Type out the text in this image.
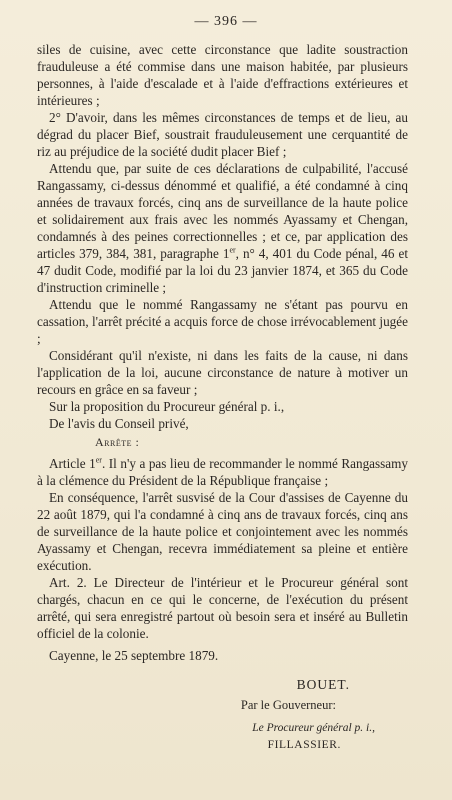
— 396 —

siles de cuisine, avec cette circonstance que ladite soustraction frauduleuse a été commise dans une maison habitée, par plusieurs personnes, à l'aide d'escalade et à l'aide d'effractions extérieures et intérieures ;

2° D'avoir, dans les mêmes circonstances de temps et de lieu, au dégrad du placer Bief, soustrait frauduleusement une cerquantité de riz au préjudice de la société dudit placer Bief ;

Attendu que, par suite de ces déclarations de culpabilité, l'accusé Rangassamy, ci-dessus dénommé et qualifié, a été condamné à cinq années de travaux forcés, cinq ans de surveillance de la haute police et solidairement aux frais avec les nommés Ayassamy et Chengan, condamnés à des peines correctionnelles ; et ce, par application des articles 379, 384, 381, paragraphe 1er, n° 4, 401 du Code pénal, 46 et 47 dudit Code, modifié par la loi du 23 janvier 1874, et 365 du Code d'instruction criminelle ;

Attendu que le nommé Rangassamy ne s'étant pas pourvu en cassation, l'arrêt précité a acquis force de chose irrévocablement jugée ;

Considérant qu'il n'existe, ni dans les faits de la cause, ni dans l'application de la loi, aucune circonstance de nature à motiver un recours en grâce en sa faveur ;

Sur la proposition du Procureur général p. i.,

De l'avis du Conseil privé,

Arrête :

Article 1er. Il n'y a pas lieu de recommander le nommé Rangassamy à la clémence du Président de la République française ;

En conséquence, l'arrêt susvisé de la Cour d'assises de Cayenne du 22 août 1879, qui l'a condamné à cinq ans de travaux forcés, cinq ans de surveillance de la haute police et conjointement avec les nommés Ayassamy et Chengan, recevra immédiatement sa pleine et entière exécution.

Art. 2. Le Directeur de l'intérieur et le Procureur général sont chargés, chacun en ce qui le concerne, de l'exécution du présent arrêté, qui sera enregistré partout où besoin sera et inséré au Bulletin officiel de la colonie.

Cayenne, le 25 septembre 1879.

BOUET.

Par le Gouverneur:

Le Procureur général p. i.,

FILLASSIER.
